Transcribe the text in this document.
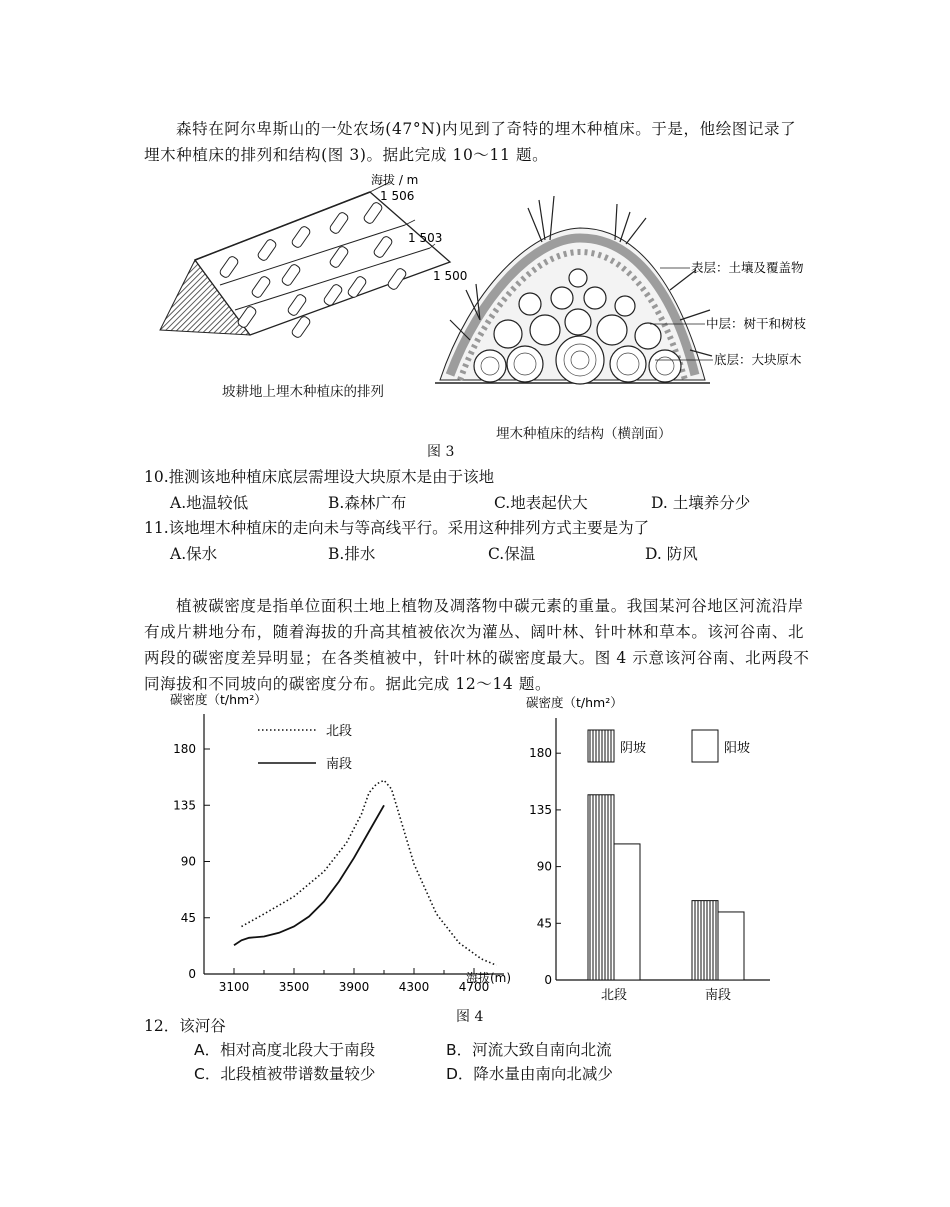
森特在阿尔卑斯山的一处农场(47°N)内见到了奇特的埋木种植床。于是，他绘图记录了埋木种植床的排列和结构(图 3)。据此完成 10～11 题。
海拔 / m
1 506
1 503
1 500
表层：土壤及覆盖物
中层：树干和树枝
底层：大块原木
坡耕地上埋木种植床的排列
埋木种植床的结构（横剖面）
图 3
10.推测该地种植床底层需埋设大块原木是由于该地
A.地温较低	B.森林广布	C.地表起伏大	D. 土壤养分少
11.该地埋木种植床的走向未与等高线平行。采用这种排列方式主要是为了
A.保水	B.排水	C.保温	D. 防风
植被碳密度是指单位面积土地上植物及凋落物中碳元素的重量。我国某河谷地区河流沿岸有成片耕地分布，随着海拔的升高其植被依次为灌丛、阔叶林、针叶林和草本。该河谷南、北两段的碳密度差异明显；在各类植被中，针叶林的碳密度最大。图 4 示意该河谷南、北两段不同海拔和不同坡向的碳密度分布。据此完成 12～14 题。
碳密度（t/hm²）
海拔(m)
0
45
90
135
180
3100 3500 3900 4300 4700
北段
南段
碳密度（t/hm²）
0
45
90
135
180
北段	南段
阴坡	阳坡
图 4
12．该河谷
A．相对高度北段大于南段	B．河流大致自南向北流
C．北段植被带谱数量较少	D．降水量由南向北减少
